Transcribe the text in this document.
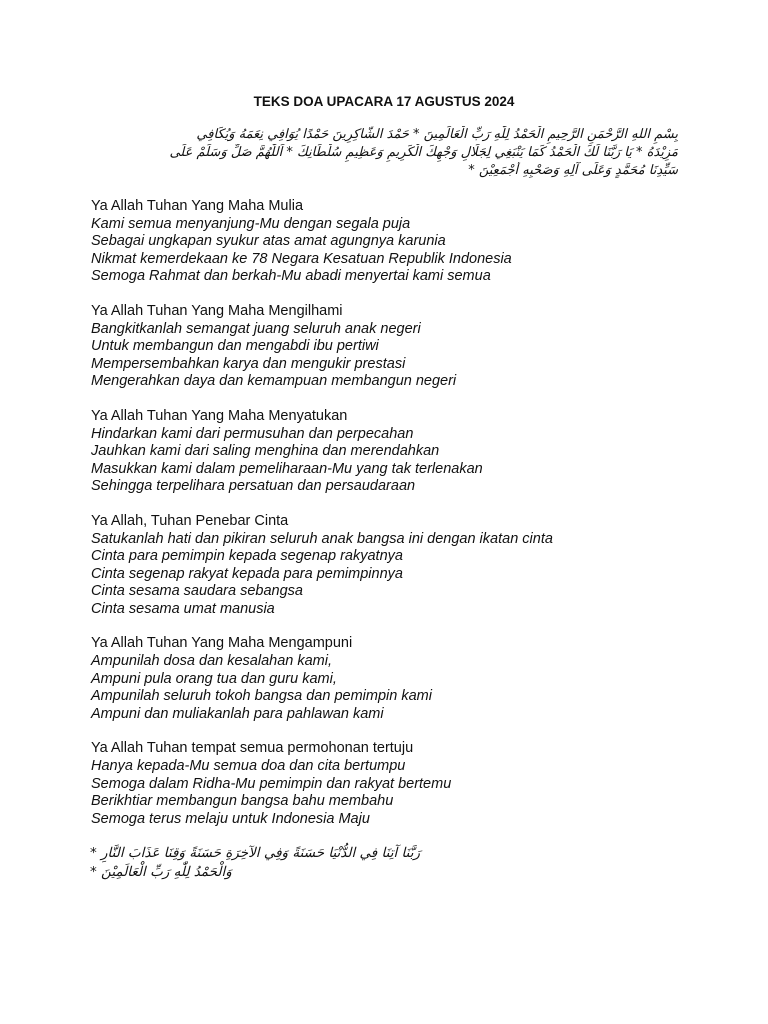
TEKS DOA UPACARA 17 AGUSTUS 2024
بِسْمِ اللهِ الرَّحْمَنِ الرَّحِيمِ الْحَمْدُ لِلّٰهِ رَبِّ الْعَالَمِينَ * حَمْدَ الشَّاكِرِينَ حَمْدًا يُوَافِي نِعَمَهُ وَيُكَافِي
مَزِيْدَهُ * يَا رَبَّنَا لَكَ الْحَمْدُ كَمَا يَنْبَغِي لِجَلَالِ وَجْهِكَ الْكَرِيمِ وَعَظِيمِ سُلْطَانِكَ * اَللّٰهُمَّ صَلِّ وَسَلِّمْ عَلَى
سَيِّدِنَا مُحَمَّدٍ وَعَلَى آلِهِ وَصَحْبِهِ أَجْمَعِيْنَ *
Ya Allah Tuhan Yang Maha Mulia
Kami semua menyanjung-Mu dengan segala puja
Sebagai ungkapan syukur atas amat agungnya karunia
Nikmat kemerdekaan ke 78 Negara Kesatuan Republik Indonesia
Semoga Rahmat dan berkah-Mu abadi menyertai kami semua
Ya Allah Tuhan Yang Maha Mengilhami
Bangkitkanlah semangat juang seluruh anak negeri
Untuk membangun dan mengabdi ibu pertiwi
Mempersembahkan karya dan mengukir prestasi
Mengerahkan daya dan kemampuan membangun negeri
Ya Allah Tuhan Yang Maha Menyatukan
Hindarkan kami dari permusuhan dan perpecahan
Jauhkan kami dari saling menghina dan merendahkan
Masukkan kami dalam pemeliharaan-Mu yang tak terlenakan
Sehingga terpelihara persatuan dan persaudaraan
Ya Allah, Tuhan Penebar Cinta
Satukanlah hati dan pikiran seluruh anak bangsa ini dengan ikatan cinta
Cinta para pemimpin kepada segenap rakyatnya
Cinta segenap rakyat kepada para pemimpinnya
Cinta sesama saudara sebangsa
Cinta sesama umat manusia
Ya Allah Tuhan Yang Maha Mengampuni
Ampunilah dosa dan kesalahan kami,
Ampuni pula orang tua dan guru kami,
Ampunilah seluruh tokoh bangsa dan pemimpin kami
Ampuni dan muliakanlah para pahlawan kami
Ya Allah Tuhan tempat semua permohonan tertuju
Hanya kepada-Mu semua doa dan cita bertumpu
Semoga dalam Ridha-Mu pemimpin dan rakyat bertemu
Berikhtiar membangun bangsa bahu membahu
Semoga terus melaju untuk Indonesia Maju
رَبَّنَا آتِنَا فِي الدُّنْيَا حَسَنَةً وَفِي الآخِرَةِ حَسَنَةً وَقِنَا عَذَابَ النَّارِ *
وَالْحَمْدُ لِلّٰهِ رَبِّ الْعَالَمِيْنَ *
